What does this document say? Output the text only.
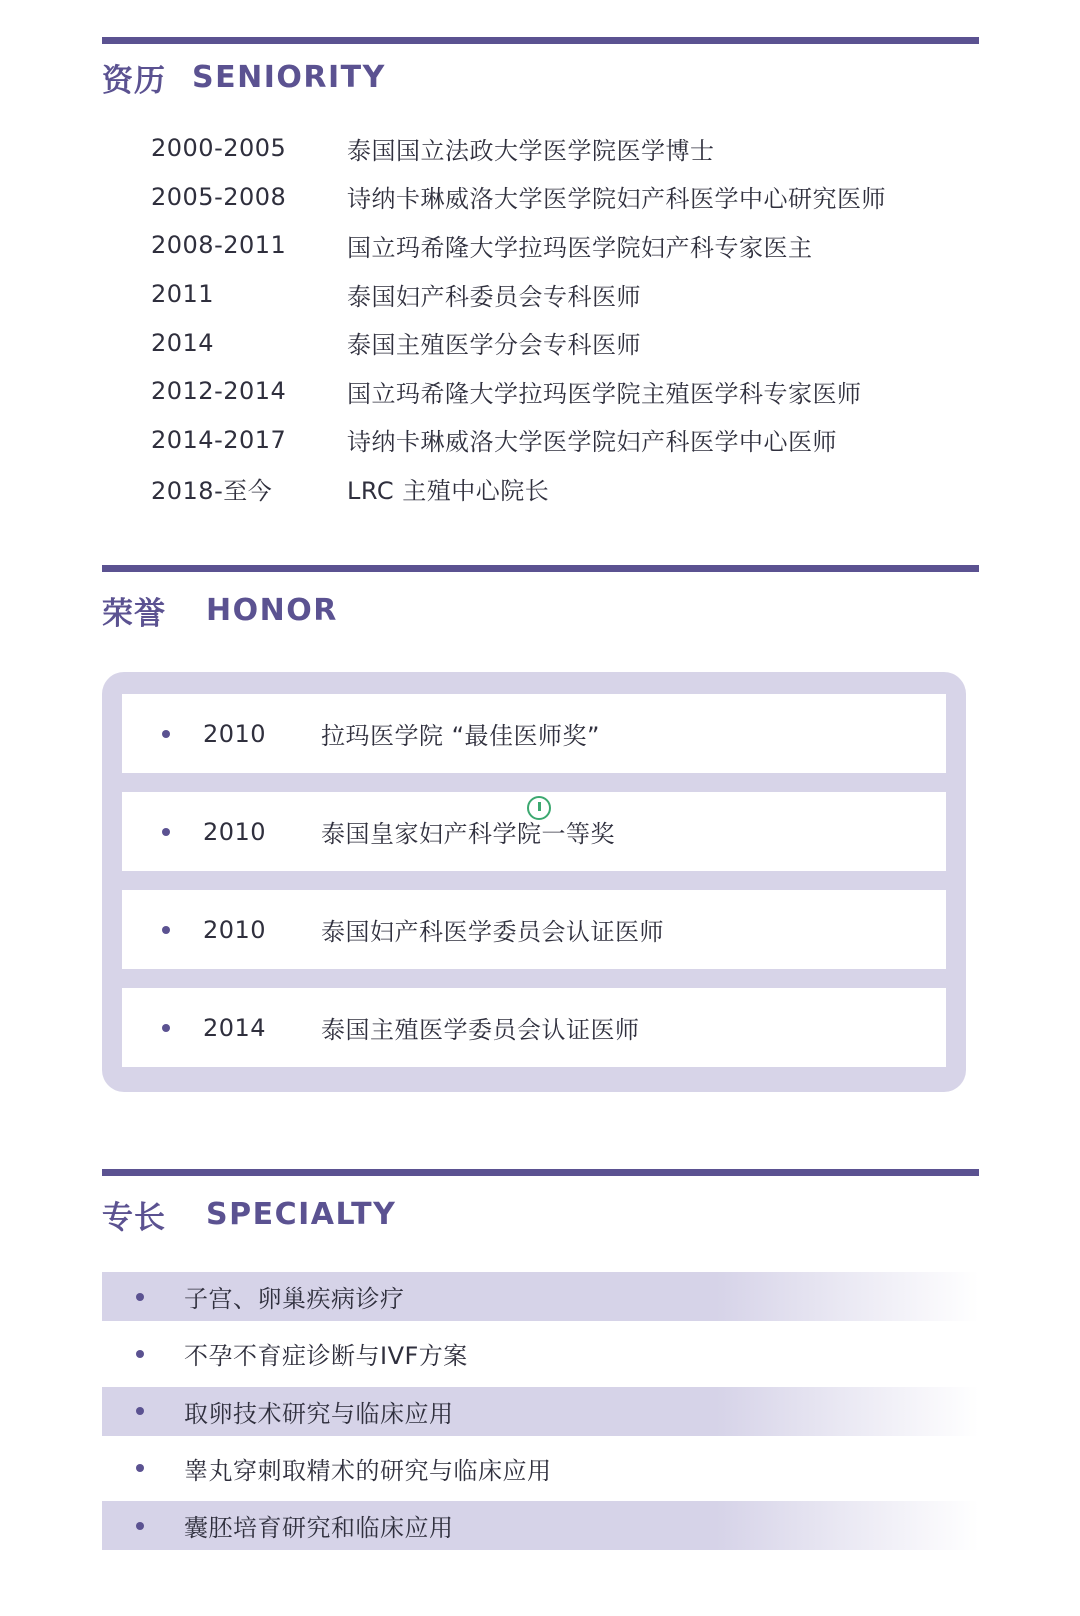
资历 SENIORITY
2000-2005	泰国国立法政大学医学院医学博士
2005-2008	诗纳卡琳威洛大学医学院妇产科医学中心研究医师
2008-2011	国立玛希隆大学拉玛医学院妇产科专家医主
2011	泰国妇产科委员会专科医师
2014	泰国主殖医学分会专科医师
2012-2014	国立玛希隆大学拉玛医学院主殖医学科专家医师
2014-2017	诗纳卡琳威洛大学医学院妇产科医学中心医师
2018-至今	LRC 主殖中心院长
荣誉 HONOR
2010	拉玛医学院 “最佳医师奖”
2010	泰国皇家妇产科学院一等奖
2010	泰国妇产科医学委员会认证医师
2014	泰国主殖医学委员会认证医师
专长 SPECIALTY
子宫、卵巢疾病诊疗
不孕不育症诊断与IVF方案
取卵技术研究与临床应用
睾丸穿刺取精术的研究与临床应用
囊胚培育研究和临床应用
